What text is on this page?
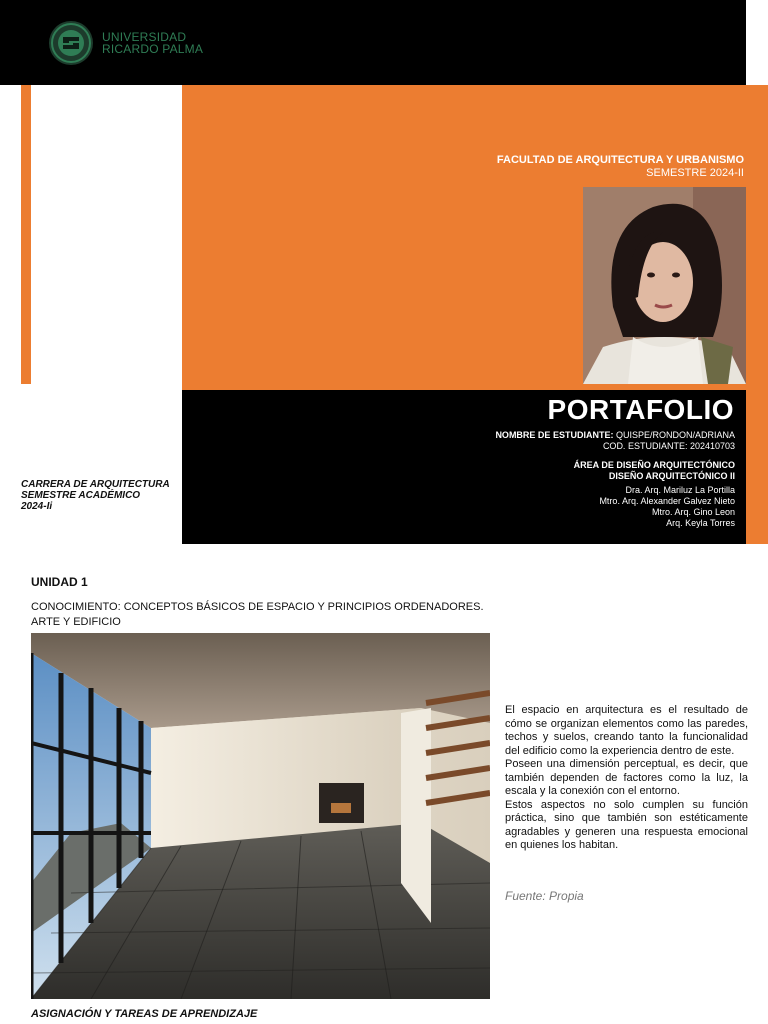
UNIVERSIDAD
RICARDO PALMA
FACULTAD DE ARQUITECTURA Y URBANISMO
SEMESTRE 2024-II
PORTAFOLIO
NOMBRE DE ESTUDIANTE: QUISPE/RONDON/ADRIANA
COD. ESTUDIANTE: 202410703
ÁREA DE DISEÑO ARQUITECTÓNICO
DISEÑO ARQUITECTÓNICO II
Dra. Arq. Mariluz La Portilla
Mtro. Arq. Alexander Galvez Nieto
Mtro. Arq. Gino Leon
Arq. Keyla Torres
CARRERA DE ARQUITECTURA
SEMESTRE ACADÉMICO
2024-Ii
UNIDAD 1
CONOCIMIENTO: CONCEPTOS BÁSICOS DE ESPACIO Y PRINCIPIOS ORDENADORES.
ARTE Y EDIFICIO

El espacio en arquitectura es el resultado de cómo se organizan elementos como las paredes, techos y suelos, creando tanto la funcionalidad del edificio como la experiencia dentro de este.

Poseen una dimensión perceptual, es decir, que también dependen de factores como la luz, la escala y la conexión con el entorno.

Estos aspectos no solo cumplen su función práctica, sino que también son estéticamente agradables y generen una respuesta emocional en quienes los habitan.

Fuente: Propia
ASIGNACIÓN Y TAREAS DE APRENDIZAJE
